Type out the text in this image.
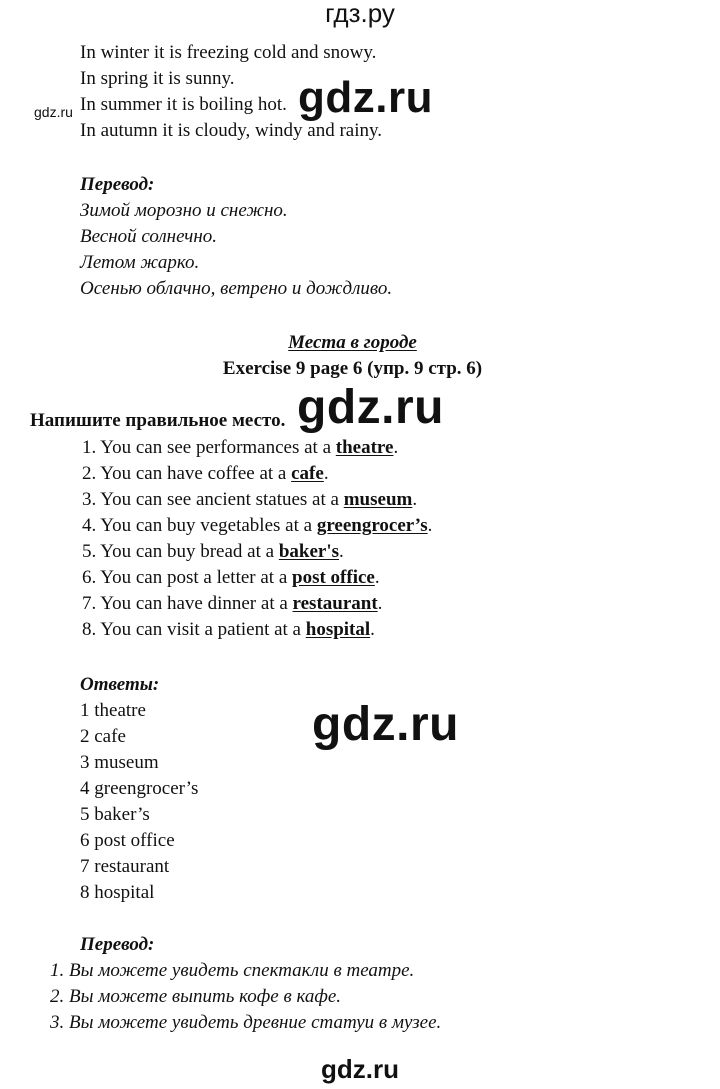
гдз.ру
In winter it is freezing cold and snowy.
In spring it is sunny.
In summer it is boiling hot.
In autumn it is cloudy, windy and rainy.
gdz.ru	gdz.ru
Перевод:
Зимой морозно и снежно.
Весной солнечно.
Летом жарко.
Осенью облачно, ветрено и дождливо.
Места в городе
Exercise 9 page 6 (упр. 9 стр. 6)
Напишите правильное место. gdz.ru
1. You can see performances at a theatre.
2. You can have coffee at a cafe.
3. You can see ancient statues at a museum.
4. You can buy vegetables at a greengrocer’s.
5. You can buy bread at a baker's.
6. You can post a letter at a post office.
7. You can have dinner at a restaurant.
8. You can visit a patient at a hospital.
Ответы:
1 theatre
2 cafe
3 museum
4 greengrocer’s
5 baker’s
6 post office
7 restaurant
8 hospital
gdz.ru
Перевод:
1. Вы можете увидеть спектакли в театре.
2. Вы можете выпить кофе в кафе.
3. Вы можете увидеть древние статуи в музее.
gdz.ru
